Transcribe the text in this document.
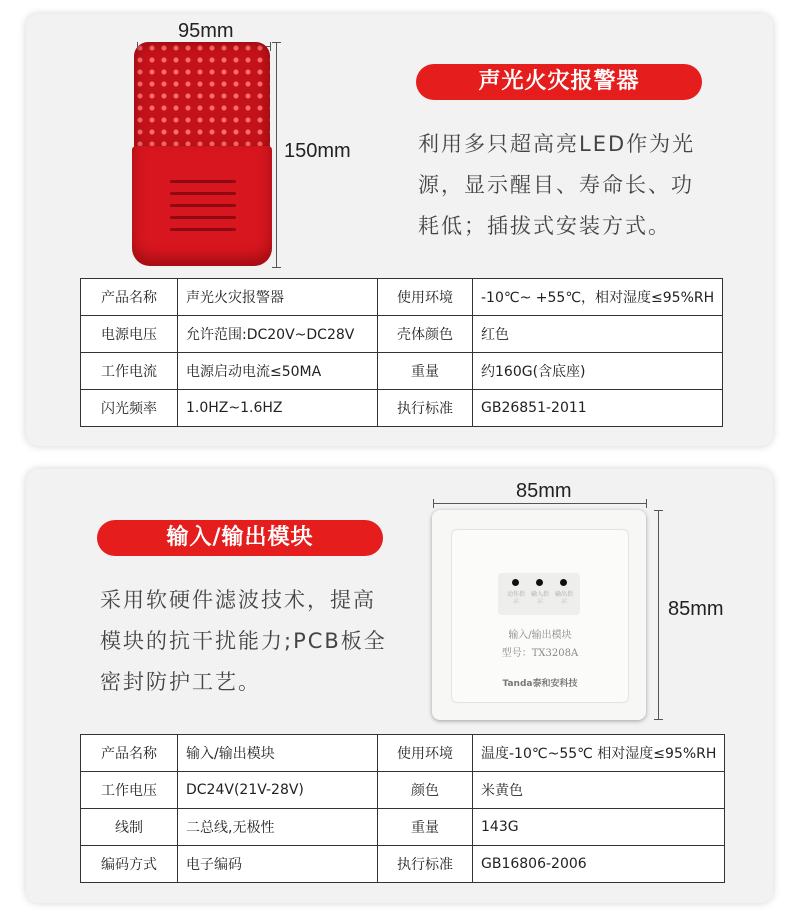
95mm
150mm
声光火灾报警器

利用多只超高亮LED作为光

源，显示醒目、寿命长、功

耗低；插拔式安装方式。

产品名称	声光火灾报警器	使用环境	-10℃~ +55℃，相对湿度≤95%RH
电源电压	允许范围:DC20V~DC28V	壳体颜色	红色
工作电流	电源启动电流≤50MA	重量	约160G(含底座)
闪光频率	1.0HZ~1.6HZ	执行标准	GB26851-2011
输入/输出模块

采用软硬件滤波技术，提高

模块的抗干扰能力;PCB板全

密封防护工艺。

85mm
动作指示
输入指示
输出指示
输入/输出模块
型号：TX3208A
Tanda泰和安科技
85mm
产品名称	输入/输出模块	使用环境	温度-10℃~55℃ 相对湿度≤95%RH
工作电压	DC24V(21V-28V)	颜色	米黄色
线制	二总线,无极性	重量	143G
编码方式	电子编码	执行标准	GB16806-2006
